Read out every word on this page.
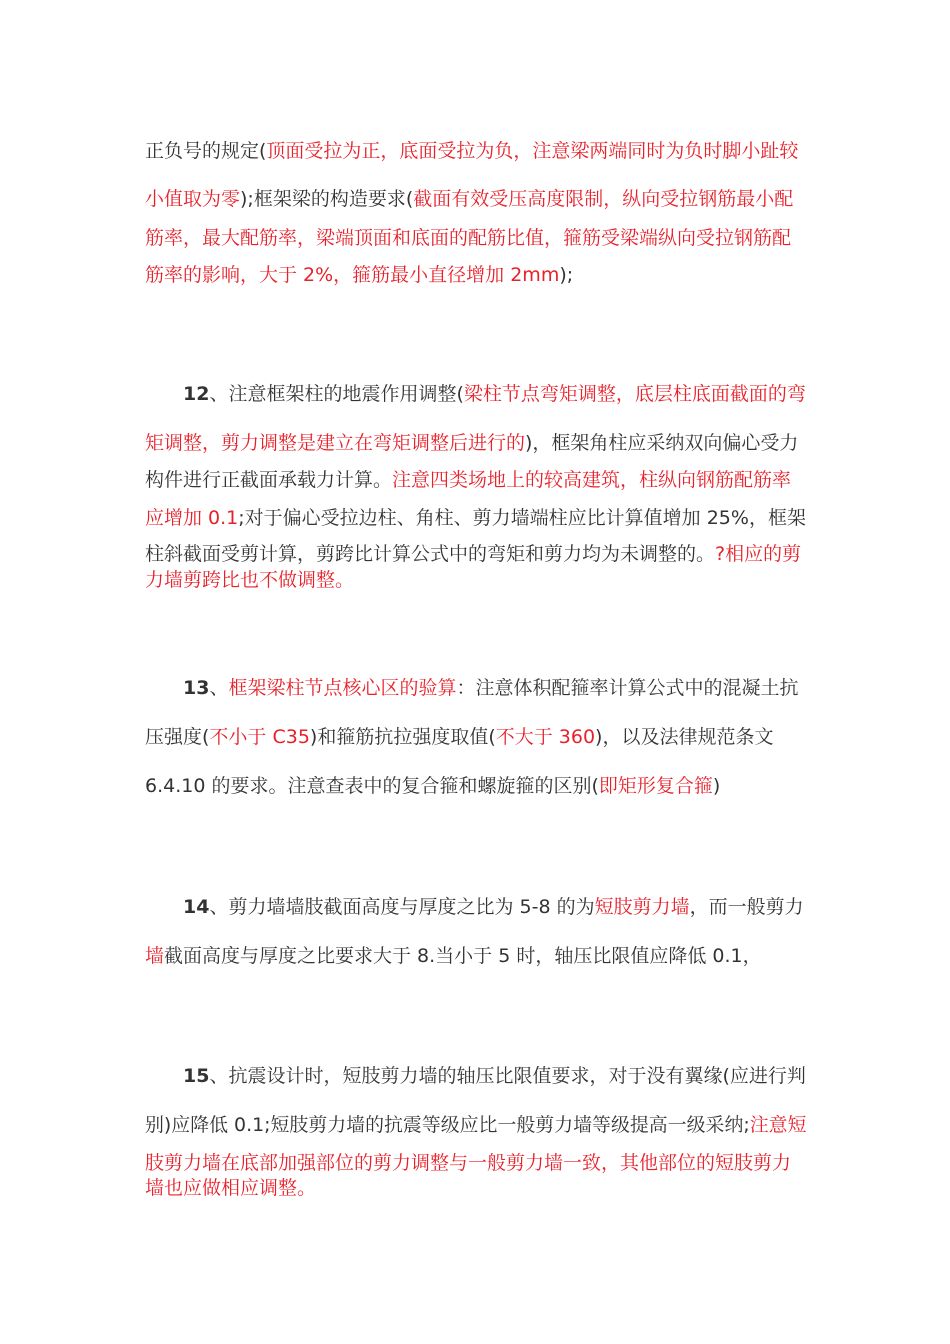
正负号的规定(顶面受拉为正，底面受拉为负，注意梁两端同时为负时脚小趾较

小值取为零);框架梁的构造要求(截面有效受压高度限制，纵向受拉钢筋最小配

筋率，最大配筋率，梁端顶面和底面的配筋比值，箍筋受梁端纵向受拉钢筋配

筋率的影响，大于 2%，箍筋最小直径增加 2mm);

12、注意框架柱的地震作用调整(梁柱节点弯矩调整，底层柱底面截面的弯

矩调整，剪力调整是建立在弯矩调整后进行的)，框架角柱应采纳双向偏心受力

构件进行正截面承载力计算。注意四类场地上的较高建筑，柱纵向钢筋配筋率

应增加 0.1;对于偏心受拉边柱、角柱、剪力墙端柱应比计算值增加 25%，框架

柱斜截面受剪计算，剪跨比计算公式中的弯矩和剪力均为未调整的。?相应的剪

力墙剪跨比也不做调整。

13、框架梁柱节点核心区的验算：注意体积配箍率计算公式中的混凝土抗

压强度(不小于 C35)和箍筋抗拉强度取值(不大于 360)，以及法律规范条文

6.4.10 的要求。注意查表中的复合箍和螺旋箍的区别(即矩形复合箍)

14、剪力墙墙肢截面高度与厚度之比为 5-8 的为短肢剪力墙，而一般剪力

墙截面高度与厚度之比要求大于 8.当小于 5 时，轴压比限值应降低 0.1，

15、抗震设计时，短肢剪力墙的轴压比限值要求，对于没有翼缘(应进行判

别)应降低 0.1;短肢剪力墙的抗震等级应比一般剪力墙等级提高一级采纳;注意短

肢剪力墙在底部加强部位的剪力调整与一般剪力墙一致，其他部位的短肢剪力

墙也应做相应调整。
